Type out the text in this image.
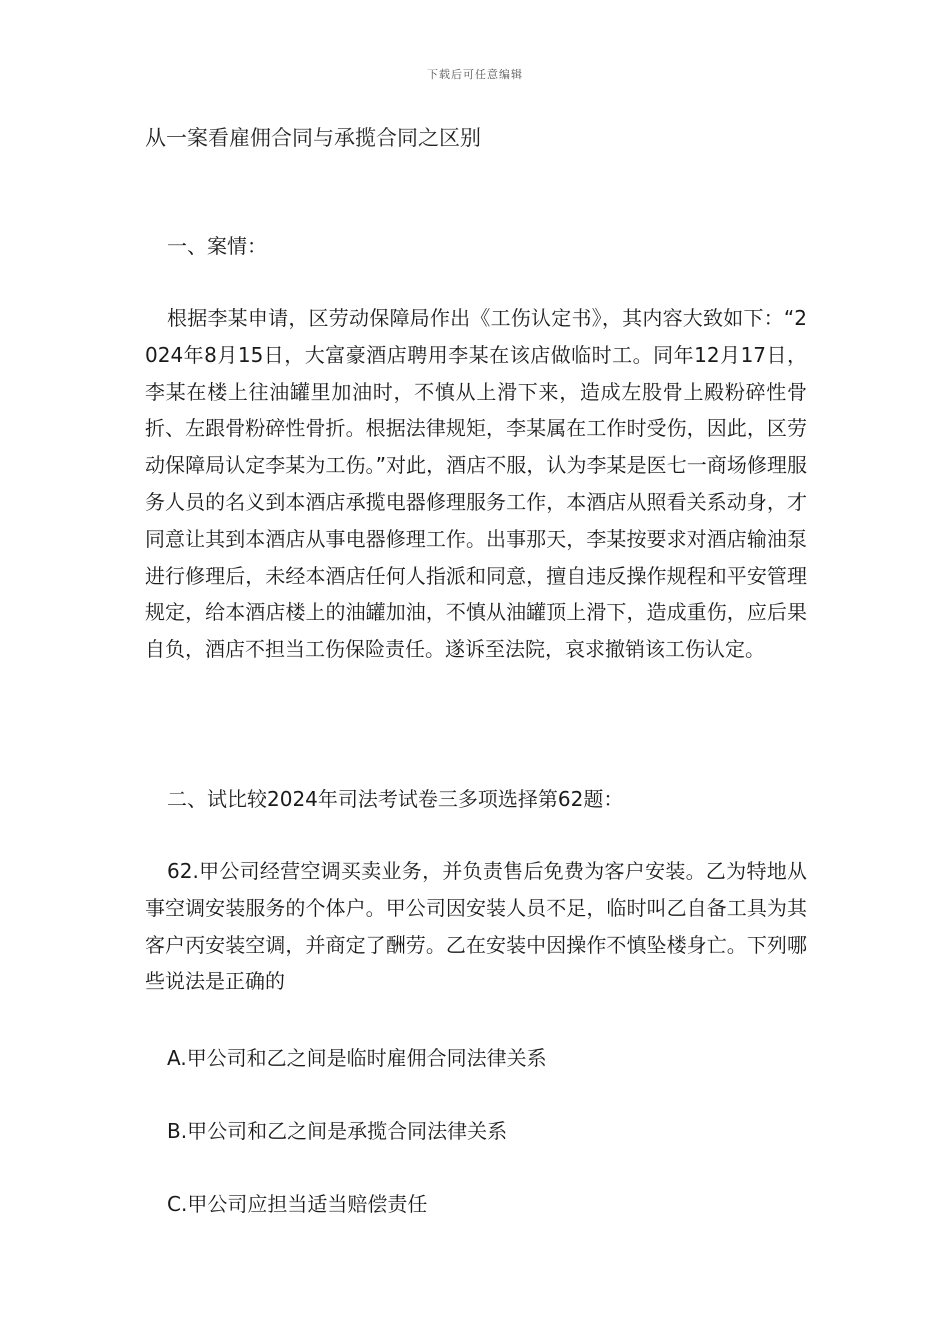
下载后可任意编辑
从一案看雇佣合同与承揽合同之区别

一、案情：

根据李某申请，区劳动保障局作出《工伤认定书》，其内容大致如下：“2024年8月15日，大富豪酒店聘用李某在该店做临时工。同年12月17日，李某在楼上往油罐里加油时，不慎从上滑下来，造成左股骨上殿粉碎性骨折、左跟骨粉碎性骨折。根据法律规矩，李某属在工作时受伤，因此，区劳动保障局认定李某为工伤。”对此，酒店不服，认为李某是医七一商场修理服务人员的名义到本酒店承揽电器修理服务工作，本酒店从照看关系动身，才同意让其到本酒店从事电器修理工作。出事那天，李某按要求对酒店输油泵进行修理后，未经本酒店任何人指派和同意，擅自违反操作规程和平安管理规定，给本酒店楼上的油罐加油，不慎从油罐顶上滑下，造成重伤，应后果自负，酒店不担当工伤保险责任。遂诉至法院，哀求撤销该工伤认定。

二、试比较2024年司法考试卷三多项选择第62题：

62.甲公司经营空调买卖业务，并负责售后免费为客户安装。乙为特地从事空调安装服务的个体户。甲公司因安装人员不足，临时叫乙自备工具为其客户丙安装空调，并商定了酬劳。乙在安装中因操作不慎坠楼身亡。下列哪些说法是正确的

A.甲公司和乙之间是临时雇佣合同法律关系

B.甲公司和乙之间是承揽合同法律关系

C.甲公司应担当适当赔偿责任
